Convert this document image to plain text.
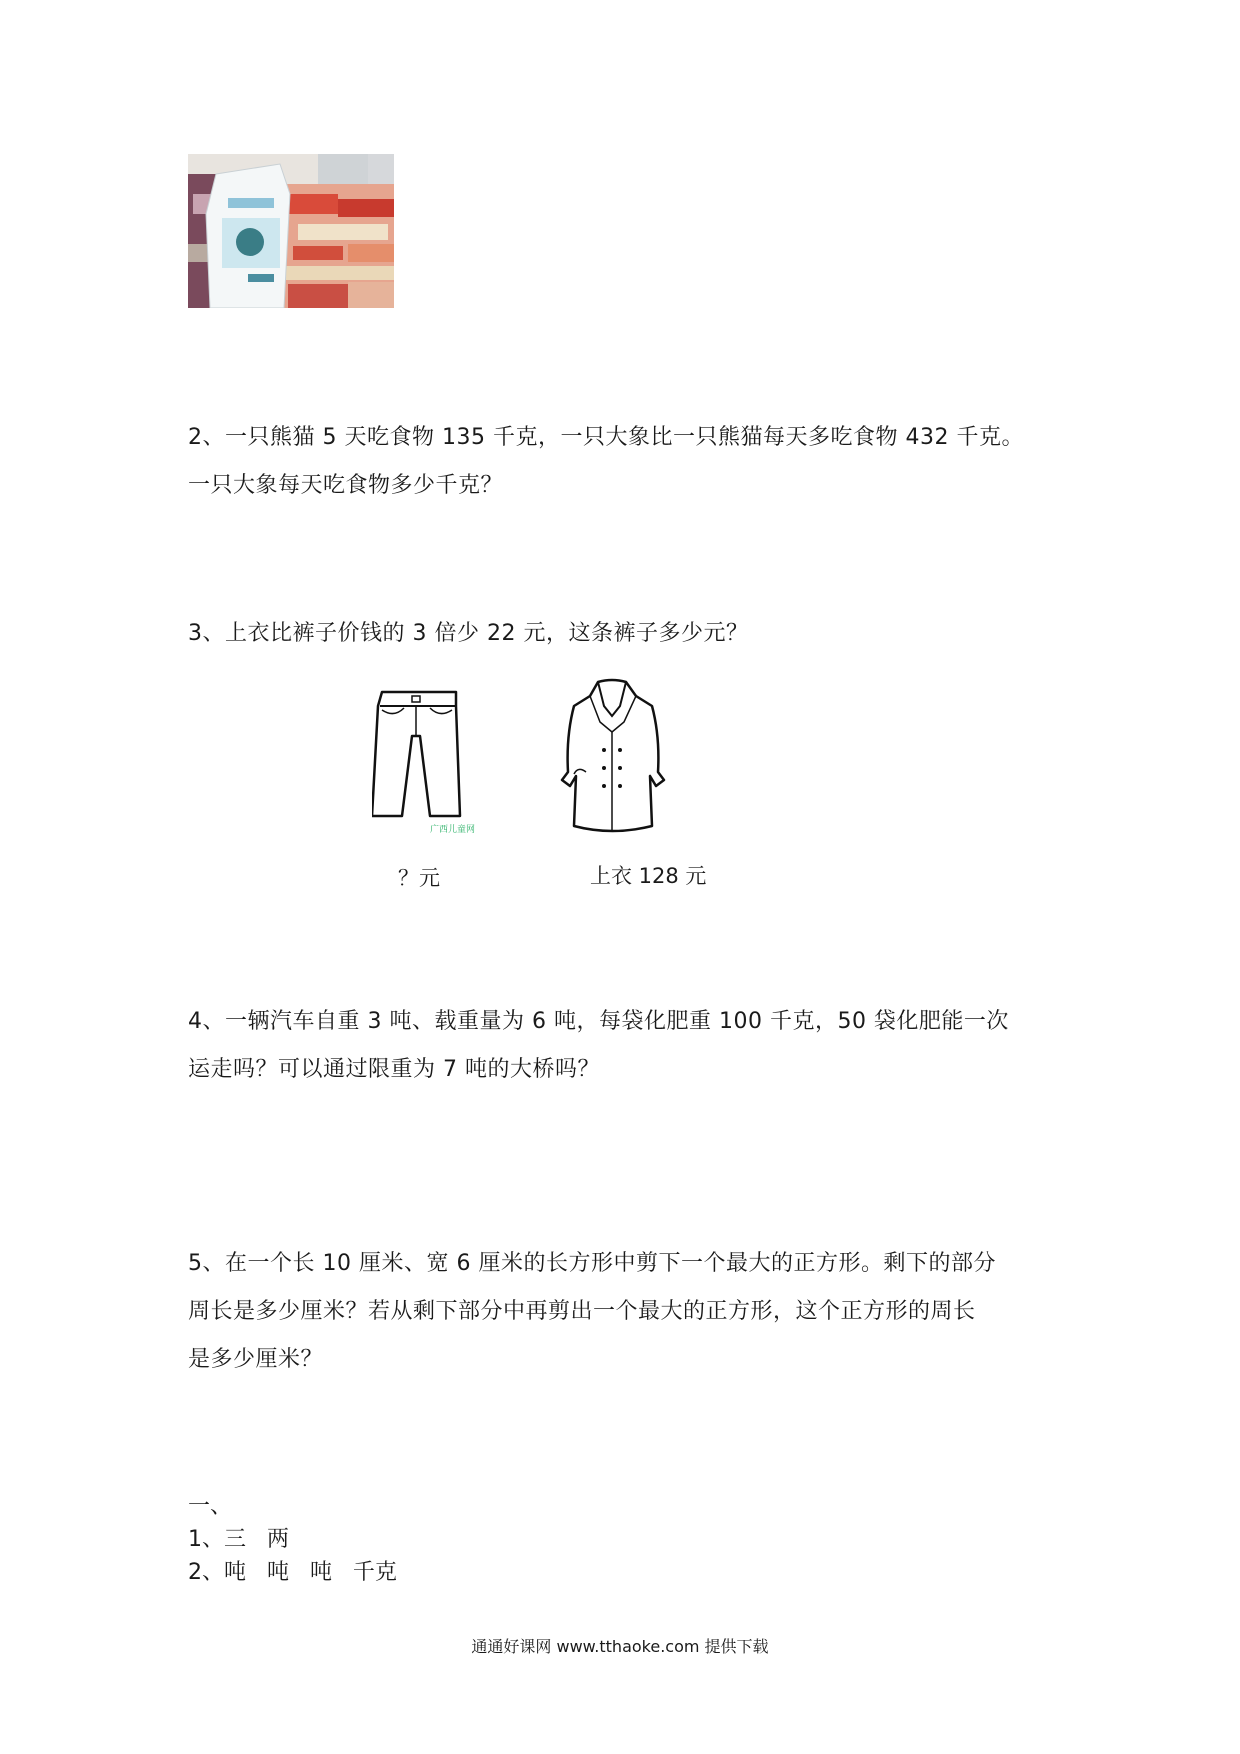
2、一只熊猫 5 天吃食物 135 千克，一只大象比一只熊猫每天多吃食物 432 千克。

一只大象每天吃食物多少千克？

3、上衣比裤子价钱的 3 倍少 22 元，这条裤子多少元？

广西儿童网
？元	上衣 128 元

4、一辆汽车自重 3 吨、载重量为 6 吨，每袋化肥重 100 千克，50 袋化肥能一次

运走吗？可以通过限重为 7 吨的大桥吗？

5、在一个长 10 厘米、宽 6 厘米的长方形中剪下一个最大的正方形。剩下的部分

周长是多少厘米？若从剩下部分中再剪出一个最大的正方形，这个正方形的周长

是多少厘米？

一、

1、三   两

2、吨   吨   吨   千克

通通好课网 www.tthaoke.com 提供下载
